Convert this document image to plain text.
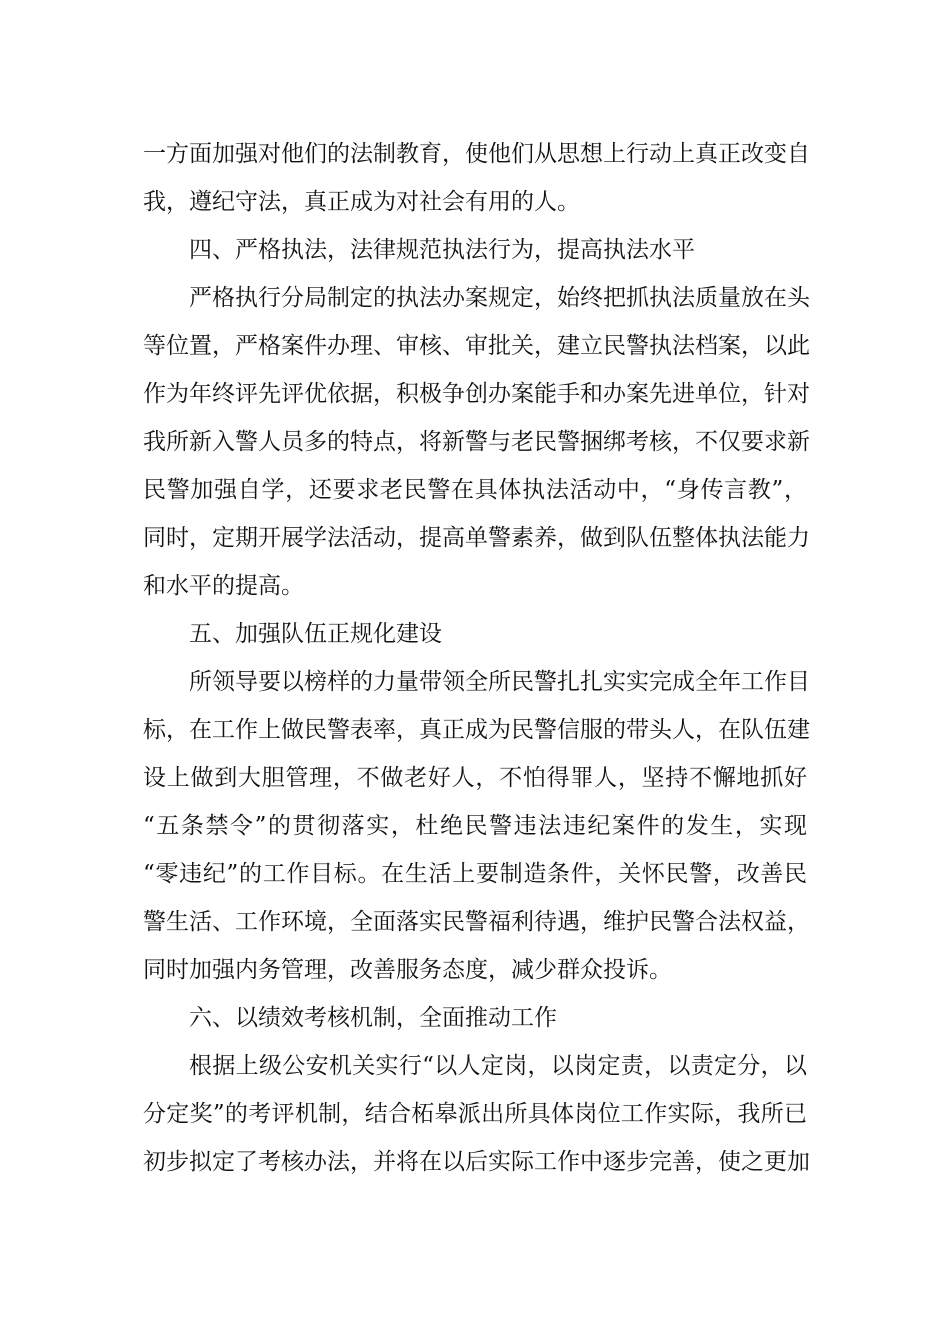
一方面加强对他们的法制教育，使他们从思想上行动上真正改变自
我，遵纪守法，真正成为对社会有用的人。
四、严格执法，法律规范执法行为，提高执法水平
严格执行分局制定的执法办案规定，始终把抓执法质量放在头
等位置，严格案件办理、审核、审批关，建立民警执法档案，以此
作为年终评先评优依据，积极争创办案能手和办案先进单位，针对
我所新入警人员多的特点，将新警与老民警捆绑考核，不仅要求新
民警加强自学，还要求老民警在具体执法活动中，“身传言教”，
同时，定期开展学法活动，提高单警素养，做到队伍整体执法能力
和水平的提高。
五、加强队伍正规化建设
所领导要以榜样的力量带领全所民警扎扎实实完成全年工作目
标，在工作上做民警表率，真正成为民警信服的带头人，在队伍建
设上做到大胆管理，不做老好人，不怕得罪人，坚持不懈地抓好
“五条禁令”的贯彻落实，杜绝民警违法违纪案件的发生，实现
“零违纪”的工作目标。在生活上要制造条件，关怀民警，改善民
警生活、工作环境，全面落实民警福利待遇，维护民警合法权益，
同时加强内务管理，改善服务态度，减少群众投诉。
六、以绩效考核机制，全面推动工作
根据上级公安机关实行“以人定岗，以岗定责，以责定分，以
分定奖”的考评机制，结合柘皋派出所具体岗位工作实际，我所已
初步拟定了考核办法，并将在以后实际工作中逐步完善，使之更加
